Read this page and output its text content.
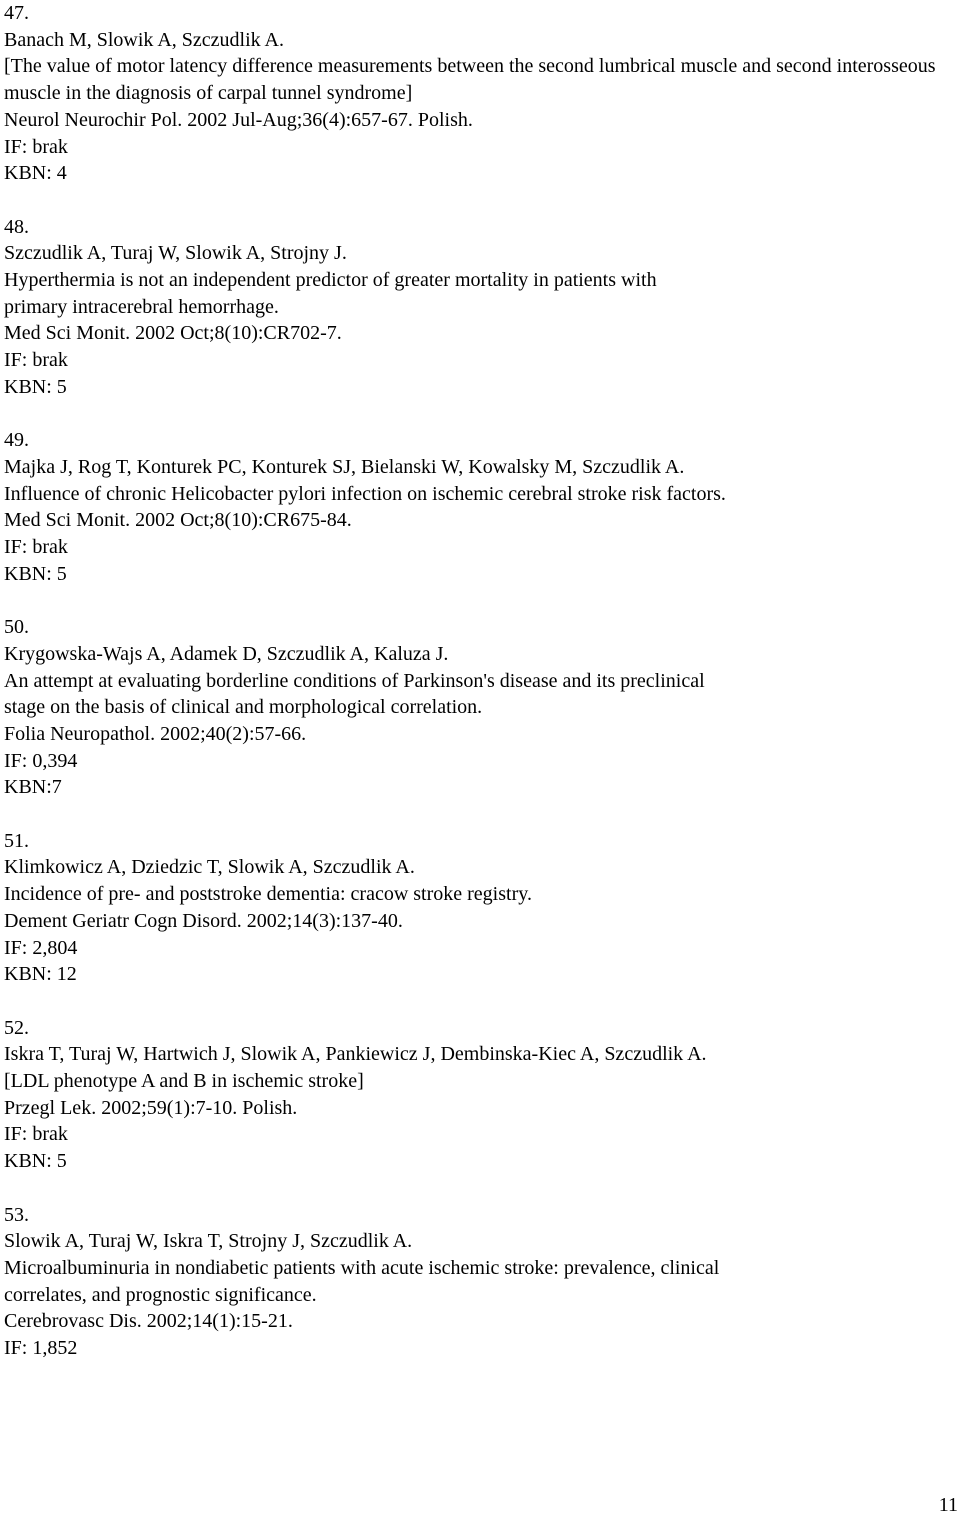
47.
Banach M, Slowik A, Szczudlik A.
[The value of motor latency difference measurements between the second lumbrical muscle and second interosseous muscle in the diagnosis of carpal tunnel syndrome]
Neurol Neurochir Pol. 2002 Jul-Aug;36(4):657-67. Polish.
IF: brak
KBN: 4
48.
Szczudlik A, Turaj W, Slowik A, Strojny J.
Hyperthermia is not an independent predictor of greater mortality in patients with primary intracerebral hemorrhage.
Med Sci Monit. 2002 Oct;8(10):CR702-7.
IF: brak
KBN: 5
49.
Majka J, Rog T, Konturek PC, Konturek SJ, Bielanski W, Kowalsky M, Szczudlik A.
Influence of chronic Helicobacter pylori infection on ischemic cerebral stroke risk factors.
Med Sci Monit. 2002 Oct;8(10):CR675-84.
IF: brak
KBN: 5
50.
Krygowska-Wajs A, Adamek D, Szczudlik A, Kaluza J.
An attempt at evaluating borderline conditions of Parkinson's disease and its preclinical stage on the basis of clinical and morphological correlation.
Folia Neuropathol. 2002;40(2):57-66.
IF: 0,394
KBN:7
51.
Klimkowicz A, Dziedzic T, Slowik A, Szczudlik A.
Incidence of pre- and poststroke dementia: cracow stroke registry.
Dement Geriatr Cogn Disord. 2002;14(3):137-40.
IF: 2,804
KBN: 12
52.
Iskra T, Turaj W, Hartwich J, Slowik A, Pankiewicz J, Dembinska-Kiec A, Szczudlik A.
[LDL phenotype A and B in ischemic stroke]
Przegl Lek. 2002;59(1):7-10. Polish.
IF: brak
KBN: 5
53.
Slowik A, Turaj W, Iskra T, Strojny J, Szczudlik A.
Microalbuminuria in nondiabetic patients with acute ischemic stroke: prevalence, clinical correlates, and prognostic significance.
Cerebrovasc Dis. 2002;14(1):15-21.
IF: 1,852
11
